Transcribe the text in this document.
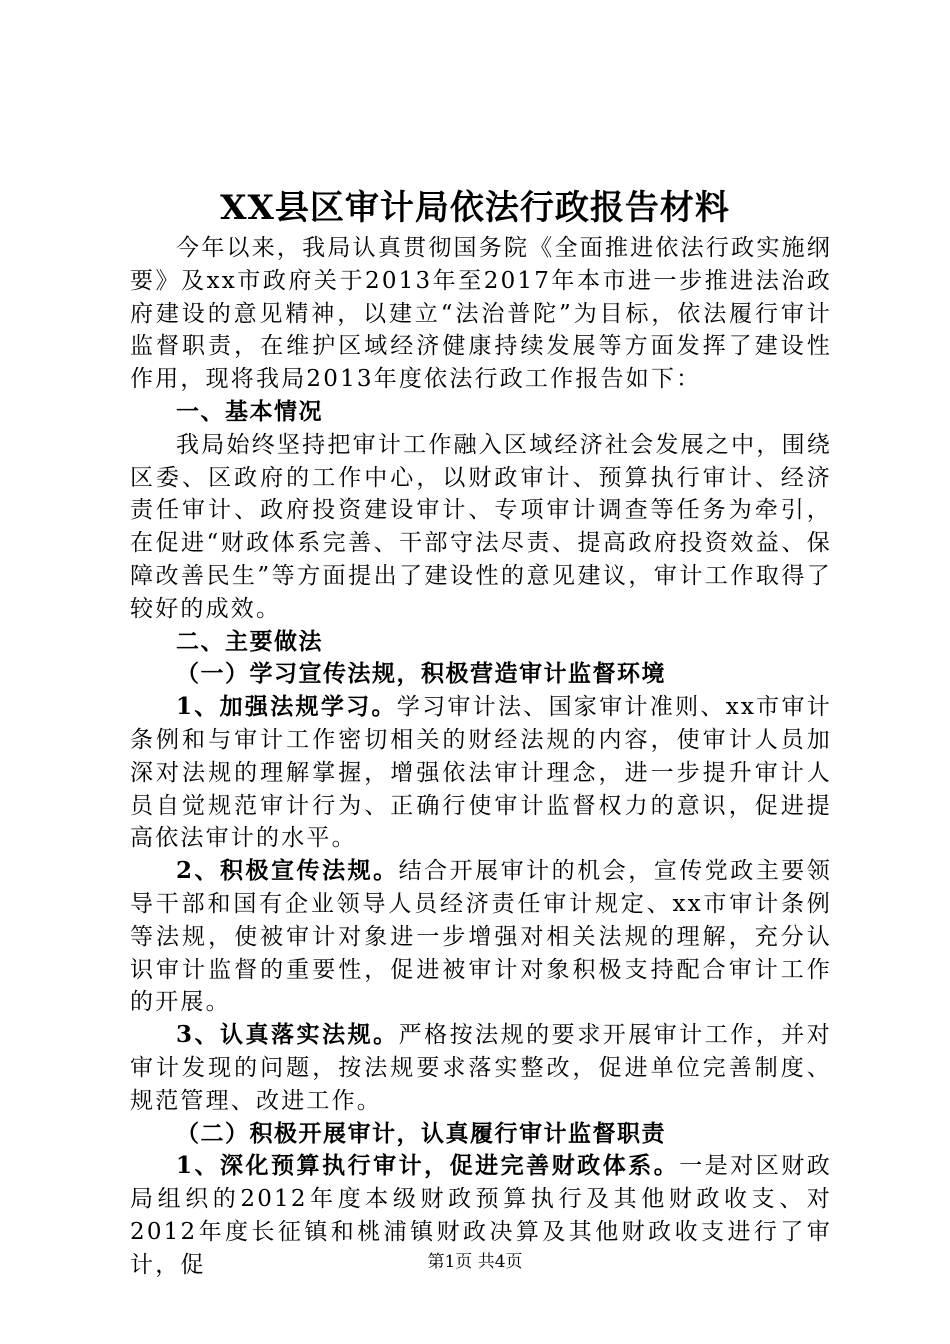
XX县区审计局依法行政报告材料

今年以来，我局认真贯彻国务院《全面推进依法行政实施纲要》及xx市政府关于2013年至2017年本市进一步推进法治政府建设的意见精神，以建立“法治普陀”为目标，依法履行审计监督职责，在维护区域经济健康持续发展等方面发挥了建设性作用，现将我局2013年度依法行政工作报告如下：

一、基本情况

我局始终坚持把审计工作融入区域经济社会发展之中，围绕区委、区政府的工作中心，以财政审计、预算执行审计、经济责任审计、政府投资建设审计、专项审计调查等任务为牵引，在促进“财政体系完善、干部守法尽责、提高政府投资效益、保障改善民生”等方面提出了建设性的意见建议，审计工作取得了较好的成效。

二、主要做法

（一）学习宣传法规，积极营造审计监督环境

1、加强法规学习。学习审计法、国家审计准则、xx市审计条例和与审计工作密切相关的财经法规的内容，使审计人员加深对法规的理解掌握，增强依法审计理念，进一步提升审计人员自觉规范审计行为、正确行使审计监督权力的意识，促进提高依法审计的水平。

2、积极宣传法规。结合开展审计的机会，宣传党政主要领导干部和国有企业领导人员经济责任审计规定、xx市审计条例等法规，使被审计对象进一步增强对相关法规的理解，充分认识审计监督的重要性，促进被审计对象积极支持配合审计工作的开展。

3、认真落实法规。严格按法规的要求开展审计工作，并对审计发现的问题，按法规要求落实整改，促进单位完善制度、规范管理、改进工作。

（二）积极开展审计，认真履行审计监督职责

1、深化预算执行审计，促进完善财政体系。一是对区财政局组织的2012年度本级财政预算执行及其他财政收支、对2012年度长征镇和桃浦镇财政决算及其他财政收支进行了审计，促	第1页 共4页
